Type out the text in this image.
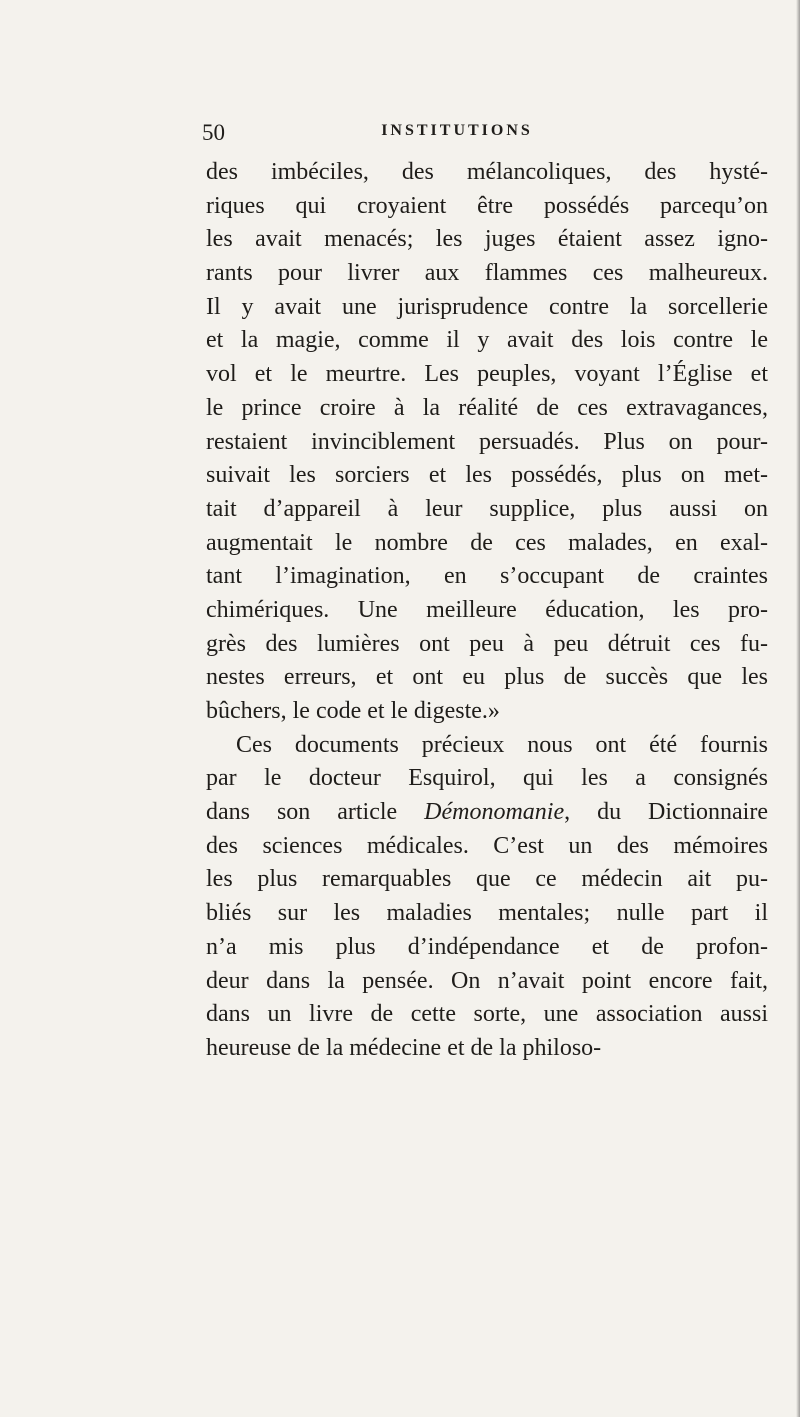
50	INSTITUTIONS
des imbéciles, des mélancoliques, des hysté-
riques qui croyaient être possédés parcequ’on
les avait menacés; les juges étaient assez igno-
rants pour livrer aux flammes ces malheureux.
Il y avait une jurisprudence contre la sorcellerie
et la magie, comme il y avait des lois contre le
vol et le meurtre. Les peuples, voyant l’Église et
le prince croire à la réalité de ces extravagances,
restaient invinciblement persuadés. Plus on pour-
suivait les sorciers et les possédés, plus on met-
tait d’appareil à leur supplice, plus aussi on
augmentait le nombre de ces malades, en exal-
tant l’imagination, en s’occupant de craintes
chimériques. Une meilleure éducation, les pro-
grès des lumières ont peu à peu détruit ces fu-
nestes erreurs, et ont eu plus de succès que les
bûchers, le code et le digeste.»
Ces documents précieux nous ont été fournis
par le docteur Esquirol, qui les a consignés
dans son article Démonomanie, du Dictionnaire
des sciences médicales. C’est un des mémoires
les plus remarquables que ce médecin ait pu-
bliés sur les maladies mentales; nulle part il
n’a mis plus d’indépendance et de profon-
deur dans la pensée. On n’avait point encore fait,
dans un livre de cette sorte, une association aussi
heureuse de la médecine et de la philoso-
